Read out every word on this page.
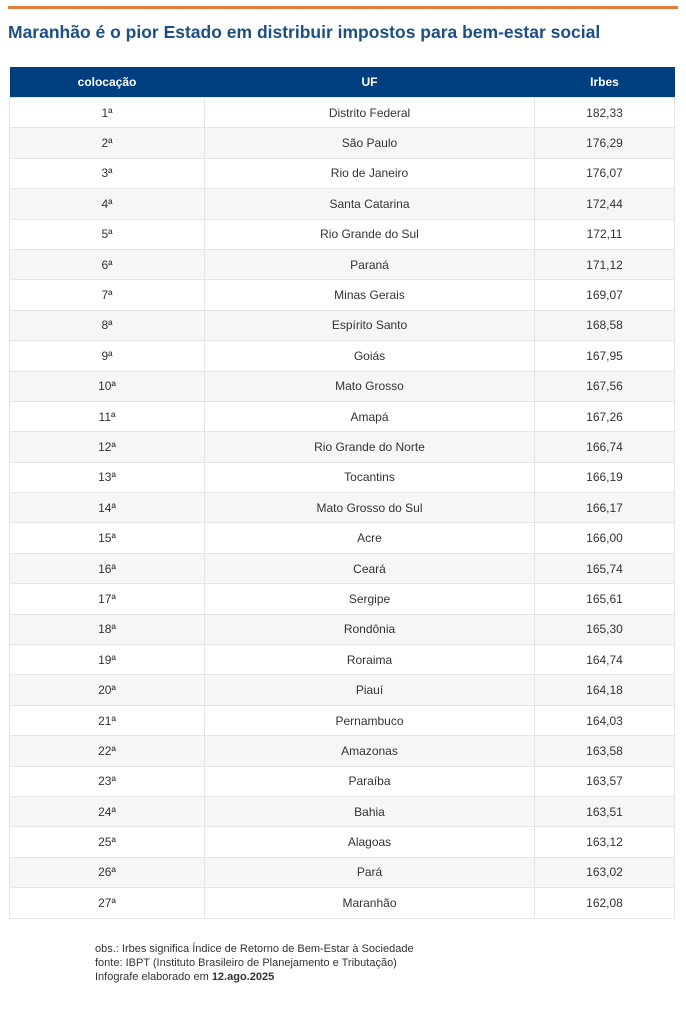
Maranhão é o pior Estado em distribuir impostos para bem-estar social
colocação	UF	Irbes
1ª	Distrito Federal	182,33
2ª	São Paulo	176,29
3ª	Rio de Janeiro	176,07
4ª	Santa Catarina	172,44
5ª	Rio Grande do Sul	172,11
6ª	Paraná	171,12
7ª	Minas Gerais	169,07
8ª	Espírito Santo	168,58
9ª	Goiás	167,95
10ª	Mato Grosso	167,56
11ª	Amapá	167,26
12ª	Rio Grande do Norte	166,74
13ª	Tocantins	166,19
14ª	Mato Grosso do Sul	166,17
15ª	Acre	166,00
16ª	Ceará	165,74
17ª	Sergipe	165,61
18ª	Rondônia	165,30
19ª	Roraima	164,74
20ª	Piauí	164,18
21ª	Pernambuco	164,03
22ª	Amazonas	163,58
23ª	Paraíba	163,57
24ª	Bahia	163,51
25ª	Alagoas	163,12
26ª	Pará	163,02
27ª	Maranhão	162,08
obs.: Irbes significa Índice de Retorno de Bem-Estar à Sociedade
fonte: IBPT (Instituto Brasileiro de Planejamento e Tributação)
Infografe elaborado em 12.ago.2025
